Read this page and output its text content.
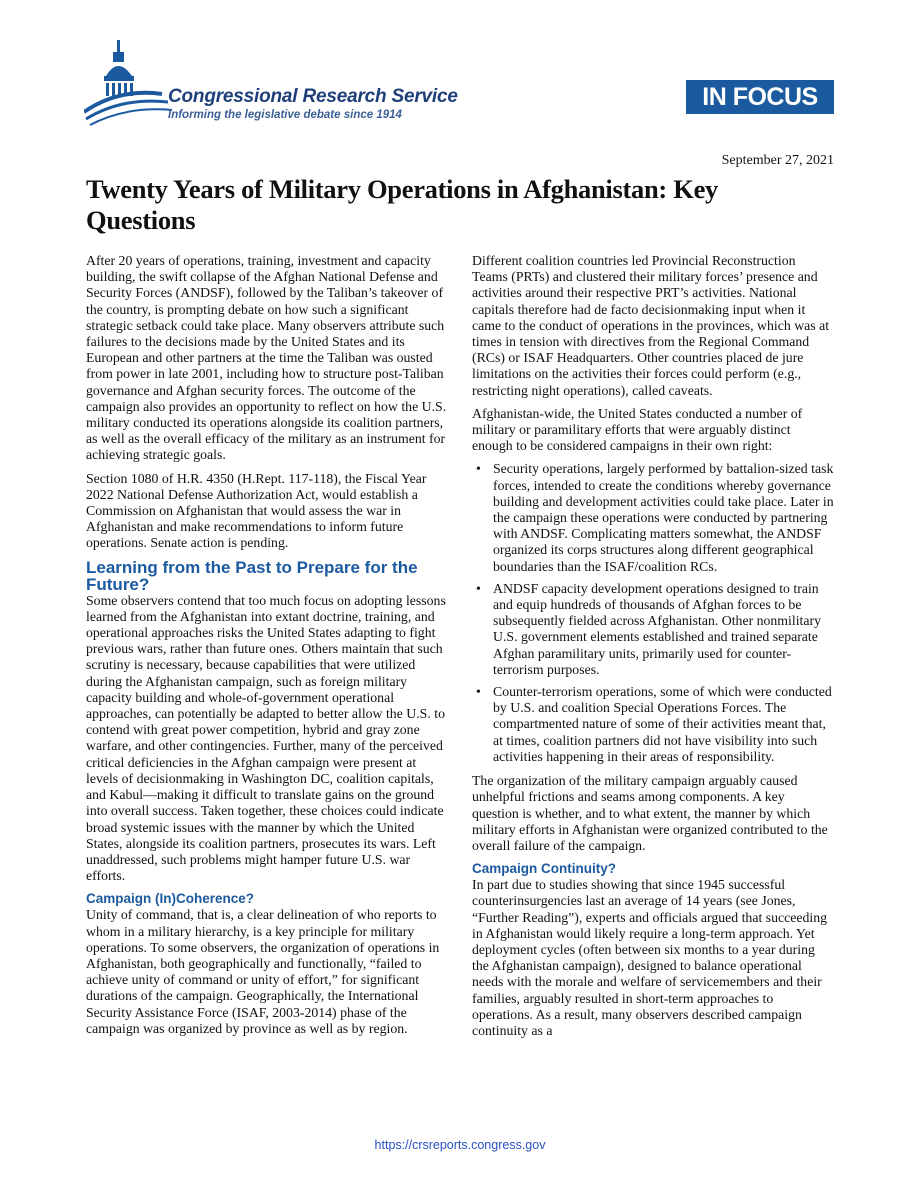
Congressional Research Service
Informing the legislative debate since 1914
IN FOCUS
September 27, 2021
Twenty Years of Military Operations in Afghanistan: Key Questions

After 20 years of operations, training, investment and capacity building, the swift collapse of the Afghan National Defense and Security Forces (ANDSF), followed by the Taliban’s takeover of the country, is prompting debate on how such a significant strategic setback could take place. Many observers attribute such failures to the decisions made by the United States and its European and other partners at the time the Taliban was ousted from power in late 2001, including how to structure post-Taliban governance and Afghan security forces. The outcome of the campaign also provides an opportunity to reflect on how the U.S. military conducted its operations alongside its coalition partners, as well as the overall efficacy of the military as an instrument for achieving strategic goals.

Section 1080 of H.R. 4350 (H.Rept. 117-118), the Fiscal Year 2022 National Defense Authorization Act, would establish a Commission on Afghanistan that would assess the war in Afghanistan and make recommendations to inform future operations. Senate action is pending.

Learning from the Past to Prepare for the Future?

Some observers contend that too much focus on adopting lessons learned from the Afghanistan into extant doctrine, training, and operational approaches risks the United States adapting to fight previous wars, rather than future ones. Others maintain that such scrutiny is necessary, because capabilities that were utilized during the Afghanistan campaign, such as foreign military capacity building and whole-of-government operational approaches, can potentially be adapted to better allow the U.S. to contend with great power competition, hybrid and gray zone warfare, and other contingencies. Further, many of the perceived critical deficiencies in the Afghan campaign were present at levels of decisionmaking in Washington DC, coalition capitals, and Kabul—making it difficult to translate gains on the ground into overall success. Taken together, these choices could indicate broad systemic issues with the manner by which the United States, alongside its coalition partners, prosecutes its wars. Left unaddressed, such problems might hamper future U.S. war efforts.

Campaign (In)Coherence?

Unity of command, that is, a clear delineation of who reports to whom in a military hierarchy, is a key principle for military operations. To some observers, the organization of operations in Afghanistan, both geographically and functionally, “failed to achieve unity of command or unity of effort,” for significant durations of the campaign. Geographically, the International Security Assistance Force (ISAF, 2003-2014) phase of the campaign was organized by province as well as by region.

Different coalition countries led Provincial Reconstruction Teams (PRTs) and clustered their military forces’ presence and activities around their respective PRT’s activities. National capitals therefore had de facto decisionmaking input when it came to the conduct of operations in the provinces, which was at times in tension with directives from the Regional Command (RCs) or ISAF Headquarters. Other countries placed de jure limitations on the activities their forces could perform (e.g., restricting night operations), called caveats.

Afghanistan-wide, the United States conducted a number of military or paramilitary efforts that were arguably distinct enough to be considered campaigns in their own right:

• Security operations, largely performed by battalion-sized task forces, intended to create the conditions whereby governance building and development activities could take place. Later in the campaign these operations were conducted by partnering with ANDSF. Complicating matters somewhat, the ANDSF organized its corps structures along different geographical boundaries than the ISAF/coalition RCs.
• ANDSF capacity development operations designed to train and equip hundreds of thousands of Afghan forces to be subsequently fielded across Afghanistan. Other nonmilitary U.S. government elements established and trained separate Afghan paramilitary units, primarily used for counter-terrorism purposes.
• Counter-terrorism operations, some of which were conducted by U.S. and coalition Special Operations Forces. The compartmented nature of some of their activities meant that, at times, coalition partners did not have visibility into such activities happening in their areas of responsibility.

The organization of the military campaign arguably caused unhelpful frictions and seams among components. A key question is whether, and to what extent, the manner by which military efforts in Afghanistan were organized contributed to the overall failure of the campaign.

Campaign Continuity?

In part due to studies showing that since 1945 successful counterinsurgencies last an average of 14 years (see Jones, “Further Reading”), experts and officials argued that succeeding in Afghanistan would likely require a long-term approach. Yet deployment cycles (often between six months to a year during the Afghanistan campaign), designed to balance operational needs with the morale and welfare of servicemembers and their families, arguably resulted in short-term approaches to operations. As a result, many observers described campaign continuity as a

https://crsreports.congress.gov
